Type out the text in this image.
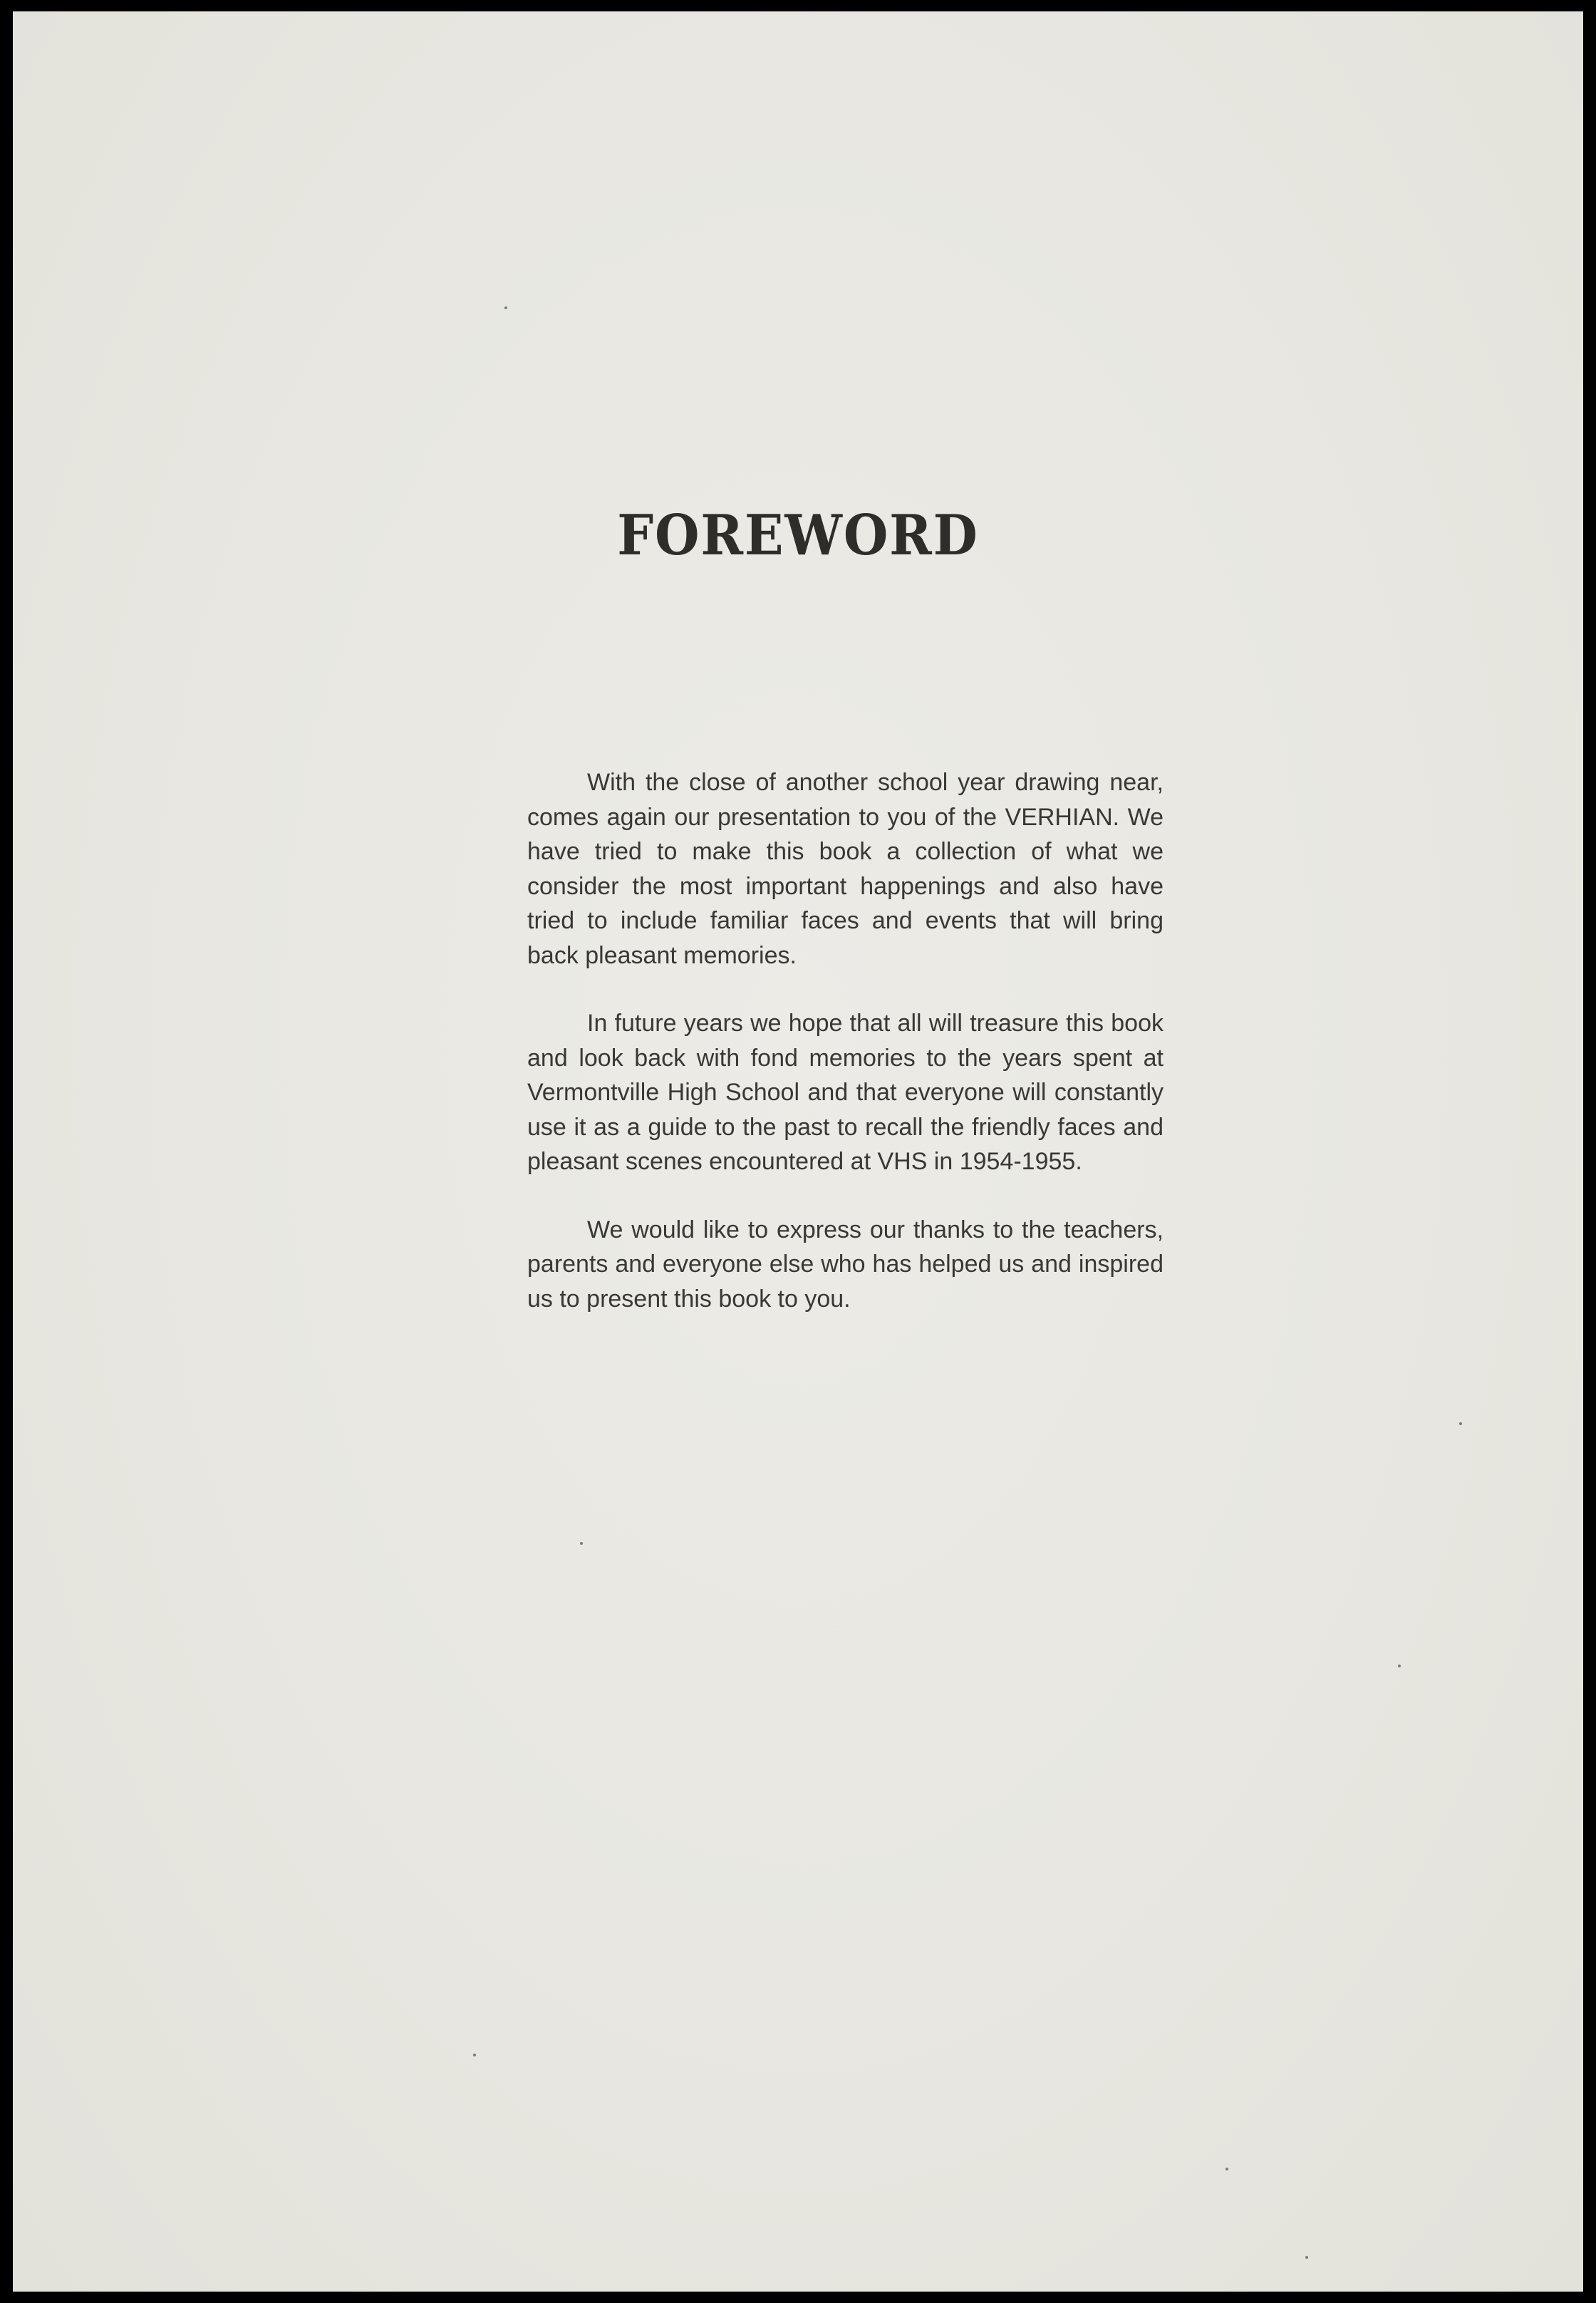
FOREWORD

With the close of another school year drawing near, comes again our presentation to you of the VERHIAN. We have tried to make this book a collection of what we consider the most important happenings and also have tried to include familiar faces and events that will bring back pleasant memories.

In future years we hope that all will treasure this book and look back with fond memories to the years spent at Vermontville High School and that everyone will constantly use it as a guide to the past to recall the friendly faces and pleasant scenes encountered at VHS in 1954-1955.

We would like to express our thanks to the teachers, parents and everyone else who has helped us and inspired us to present this book to you.
